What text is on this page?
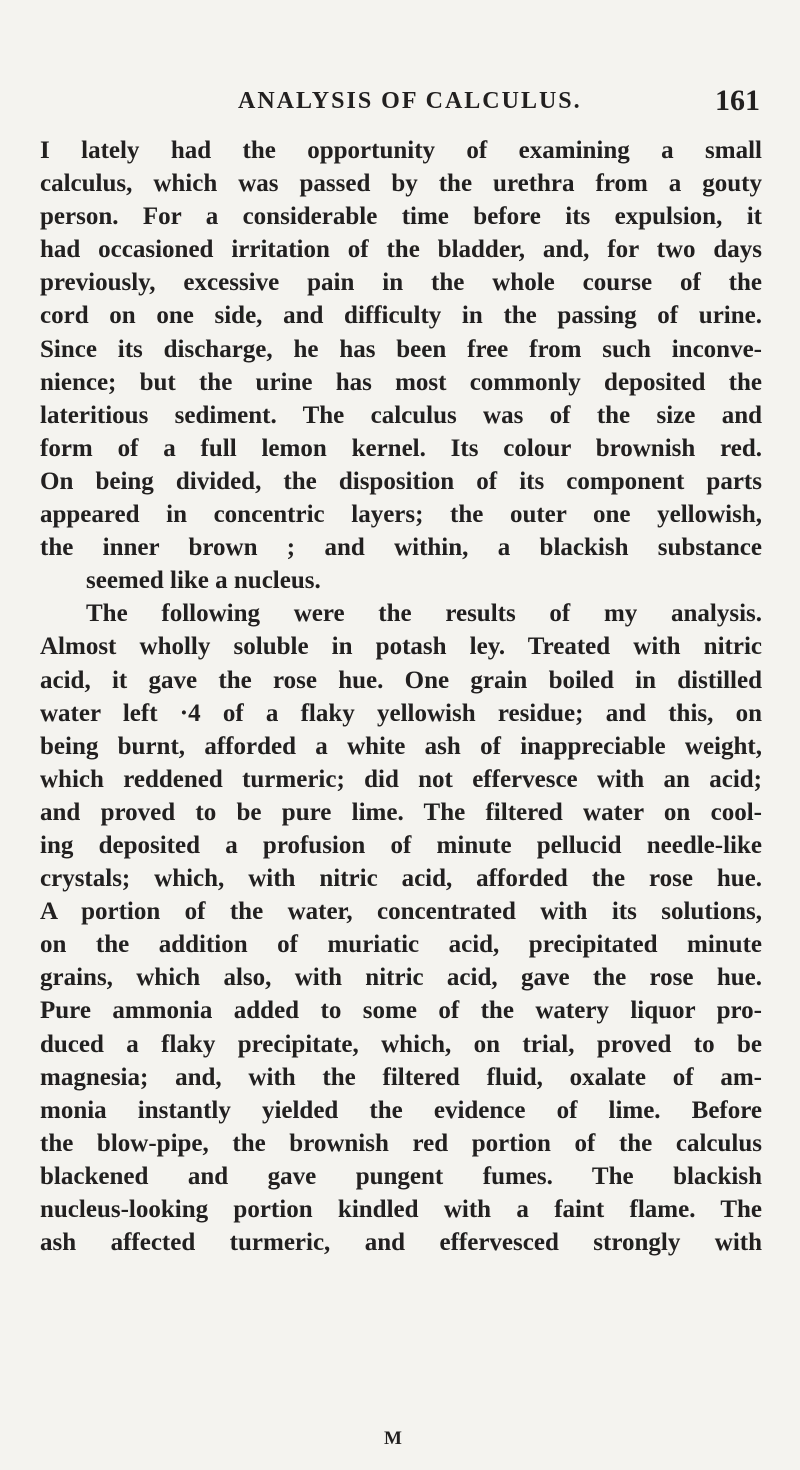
ANALYSIS OF CALCULUS.	161
I lately had the opportunity of examining a small
calculus, which was passed by the urethra from a gouty
person. For a considerable time before its expulsion, it
had occasioned irritation of the bladder, and, for two days
previously, excessive pain in the whole course of the
cord on one side, and difficulty in the passing of urine.
Since its discharge, he has been free from such inconve-
nience; but the urine has most commonly deposited the
lateritious sediment. The calculus was of the size and
form of a full lemon kernel. Its colour brownish red.
On being divided, the disposition of its component parts
appeared in concentric layers; the outer one yellowish,
the inner brown ; and within, a blackish substance
seemed like a nucleus.
The following were the results of my analysis.
Almost wholly soluble in potash ley. Treated with nitric
acid, it gave the rose hue. One grain boiled in distilled
water left ·4 of a flaky yellowish residue; and this, on
being burnt, afforded a white ash of inappreciable weight,
which reddened turmeric; did not effervesce with an acid;
and proved to be pure lime. The filtered water on cool-
ing deposited a profusion of minute pellucid needle-like
crystals; which, with nitric acid, afforded the rose hue.
A portion of the water, concentrated with its solutions,
on the addition of muriatic acid, precipitated minute
grains, which also, with nitric acid, gave the rose hue.
Pure ammonia added to some of the watery liquor pro-
duced a flaky precipitate, which, on trial, proved to be
magnesia; and, with the filtered fluid, oxalate of am-
monia instantly yielded the evidence of lime. Before
the blow-pipe, the brownish red portion of the calculus
blackened and gave pungent fumes. The blackish
nucleus-looking portion kindled with a faint flame. The
ash affected turmeric, and effervesced strongly with
M
